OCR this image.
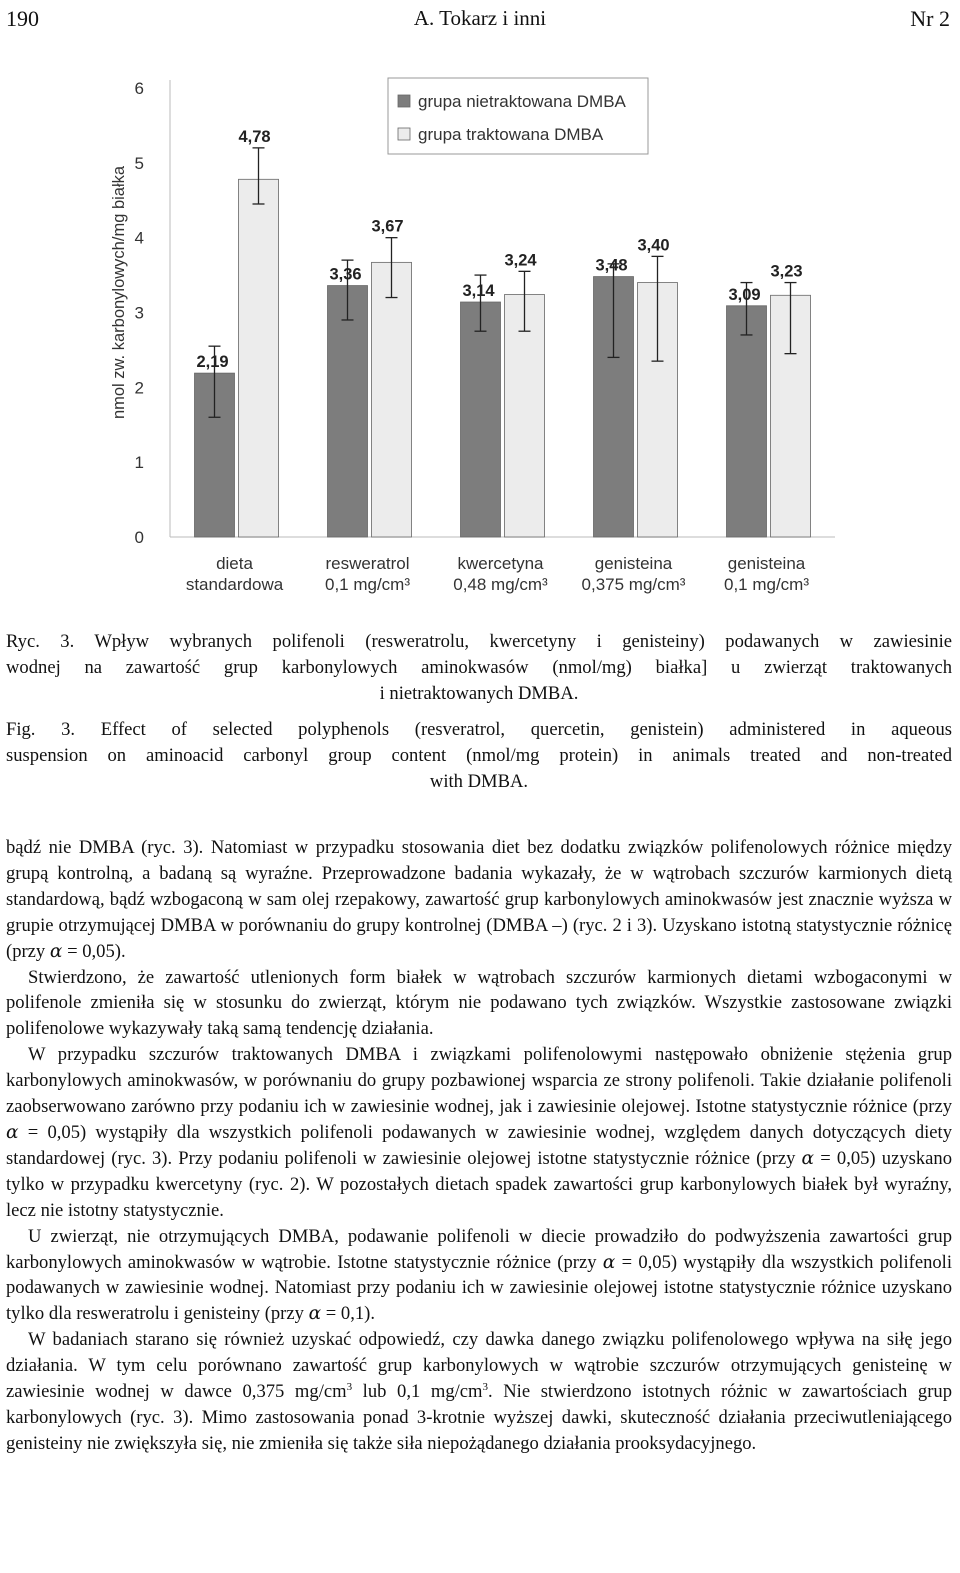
190	A. Tokarz i inni	Nr 2
0
1
2
3
4
5
6
nmol zw. karbonylowych/mg białka	2,19
4,78
dieta
standardowa
3,36
3,67
resweratrol
0,1 mg/cm³
3,14
3,24
kwercetyna
0,48 mg/cm³
3,48
3,40
genisteina
0,375 mg/cm³
3,09
3,23
genisteina
0,1 mg/cm³
grupa nietraktowana DMBA
grupa traktowana DMBA
Ryc. 3. Wpływ wybranych polifenoli (resweratrolu, kwercetyny i genisteiny) podawanych w zawiesinie
wodnej na zawartość grup karbonylowych aminokwasów (nmol/mg) białka] u zwierząt traktowanych
i nietraktowanych DMBA.
Fig. 3. Effect of selected polyphenols (resveratrol, quercetin, genistein) administered in aqueous
suspension on aminoacid carbonyl group content (nmol/mg protein) in animals treated and non-treated
with DMBA.

bądź nie DMBA (ryc. 3). Natomiast w przypadku stosowania diet bez dodatku związków polifenolowych różnice między grupą kontrolną, a badaną są wyraźne. Przeprowadzone badania wykazały, że w wątrobach szczurów karmionych dietą standardową, bądź wzbogaconą w sam olej rzepakowy, zawartość grup karbonylowych aminokwasów jest znacznie wyższa w grupie otrzymującej DMBA w porównaniu do grupy kontrolnej (DMBA –) (ryc. 2 i 3). Uzyskano istotną statystycznie różnicę (przy α = 0,05).

Stwierdzono, że zawartość utlenionych form białek w wątrobach szczurów karmionych dietami wzbogaconymi w polifenole zmieniła się w stosunku do zwierząt, którym nie podawano tych związków. Wszystkie zastosowane związki polifenolowe wykazywały taką samą tendencję działania.

W przypadku szczurów traktowanych DMBA i związkami polifenolowymi następowało obniżenie stężenia grup karbonylowych aminokwasów, w porównaniu do grupy pozbawionej wsparcia ze strony polifenoli. Takie działanie polifenoli zaobserwowano zarówno przy podaniu ich w zawiesinie wodnej, jak i zawiesinie olejowej. Istotne statystycznie różnice (przy α = 0,05) wystąpiły dla wszystkich polifenoli podawanych w zawiesinie wodnej, względem danych dotyczących diety standardowej (ryc. 3). Przy podaniu polifenoli w zawiesinie olejowej istotne statystycznie różnice (przy α = 0,05) uzyskano tylko w przypadku kwercetyny (ryc. 2). W pozostałych dietach spadek zawartości grup karbonylowych białek był wyraźny, lecz nie istotny statystycznie.

U zwierząt, nie otrzymujących DMBA, podawanie polifenoli w diecie prowadziło do podwyższenia zawartości grup karbonylowych aminokwasów w wątrobie. Istotne statystycznie różnice (przy α = 0,05) wystąpiły dla wszystkich polifenoli podawanych w zawiesinie wodnej. Natomiast przy podaniu ich w zawiesinie olejowej istotne statystycznie różnice uzyskano tylko dla resweratrolu i genisteiny (przy α = 0,1).

W badaniach starano się również uzyskać odpowiedź, czy dawka danego związku polifenolowego wpływa na siłę jego działania. W tym celu porównano zawartość grup karbonylowych w wątrobie szczurów otrzymujących genisteinę w zawiesinie wodnej w dawce 0,375 $mg/cm^3$ lub 0,1 $mg/cm^3$. Nie stwierdzono istotnych różnic w zawartościach grup karbonylowych (ryc. 3). Mimo zastosowania ponad 3-krotnie wyższej dawki, skuteczność działania przeciwutleniającego genisteiny nie zwiększyła się, nie zmieniła się także siła niepożądanego działania prooksydacyjnego.
